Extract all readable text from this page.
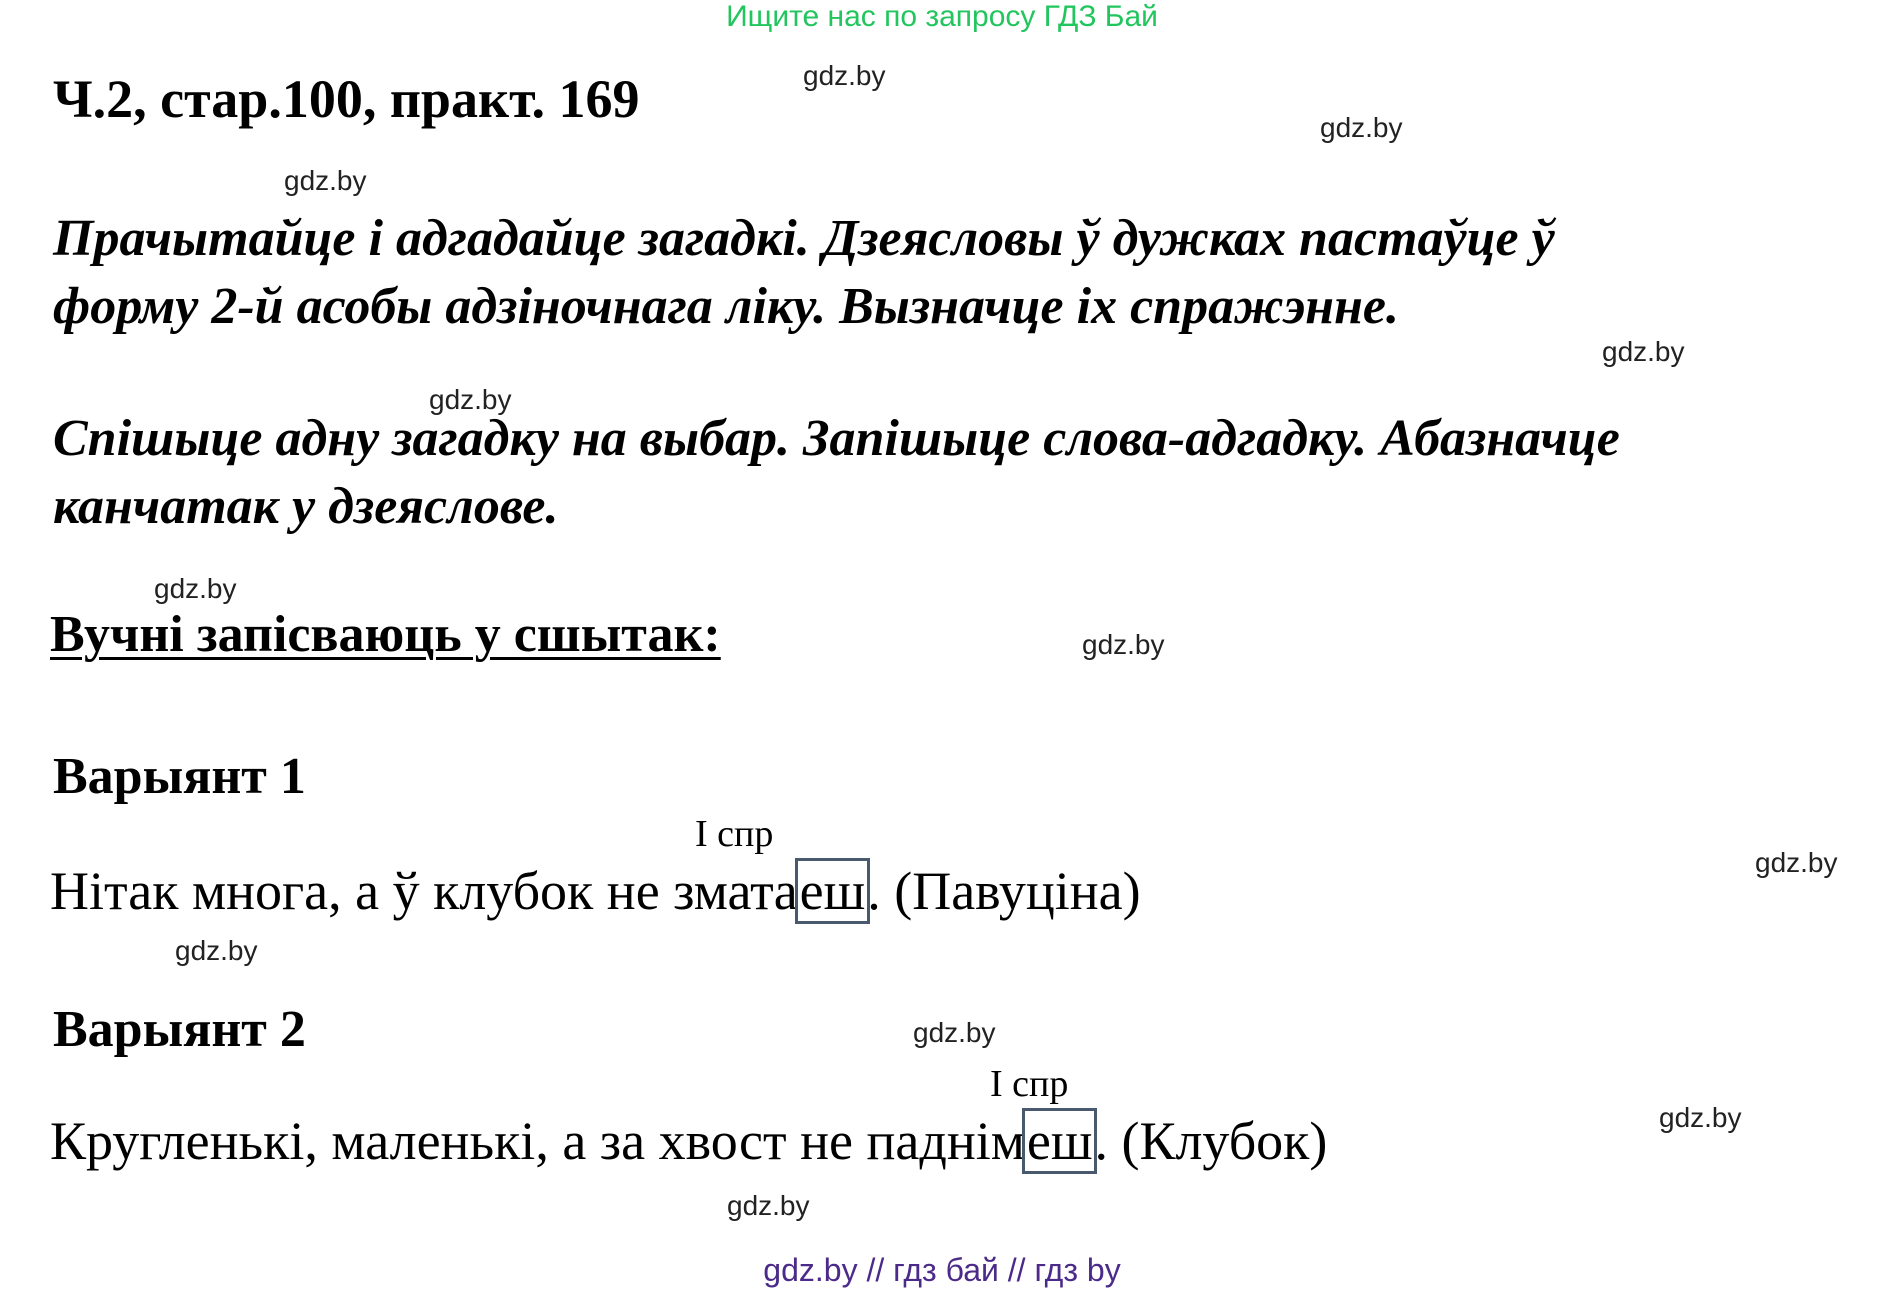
Ищите нас по запросу ГДЗ Бай
Ч.2, стар.100, практ. 169

Прачытайце і адгадайце загадкі. Дзеясловы ў дужках пастаўце ў

форму 2-й асобы адзіночнага ліку. Вызначце іх спражэнне.

Спішыце адну загадку на выбар. Запішыце слова-адгадку. Абазначце

канчатак у дзеяслове.

Вучні запісваюць у сшытак:
Варыянт 1
I спр
Нітак многа, а ў клубок не зматaеш. (Павуціна)
Варыянт 2
I спр
Кругленькі, маленькі, а за хвост не паднімеш. (Клубок)
gdz.by
gdz.by
gdz.by
gdz.by
gdz.by
gdz.by
gdz.by
gdz.by
gdz.by
gdz.by
gdz.by
gdz.by
gdz.by // гдз бай // гдз by
